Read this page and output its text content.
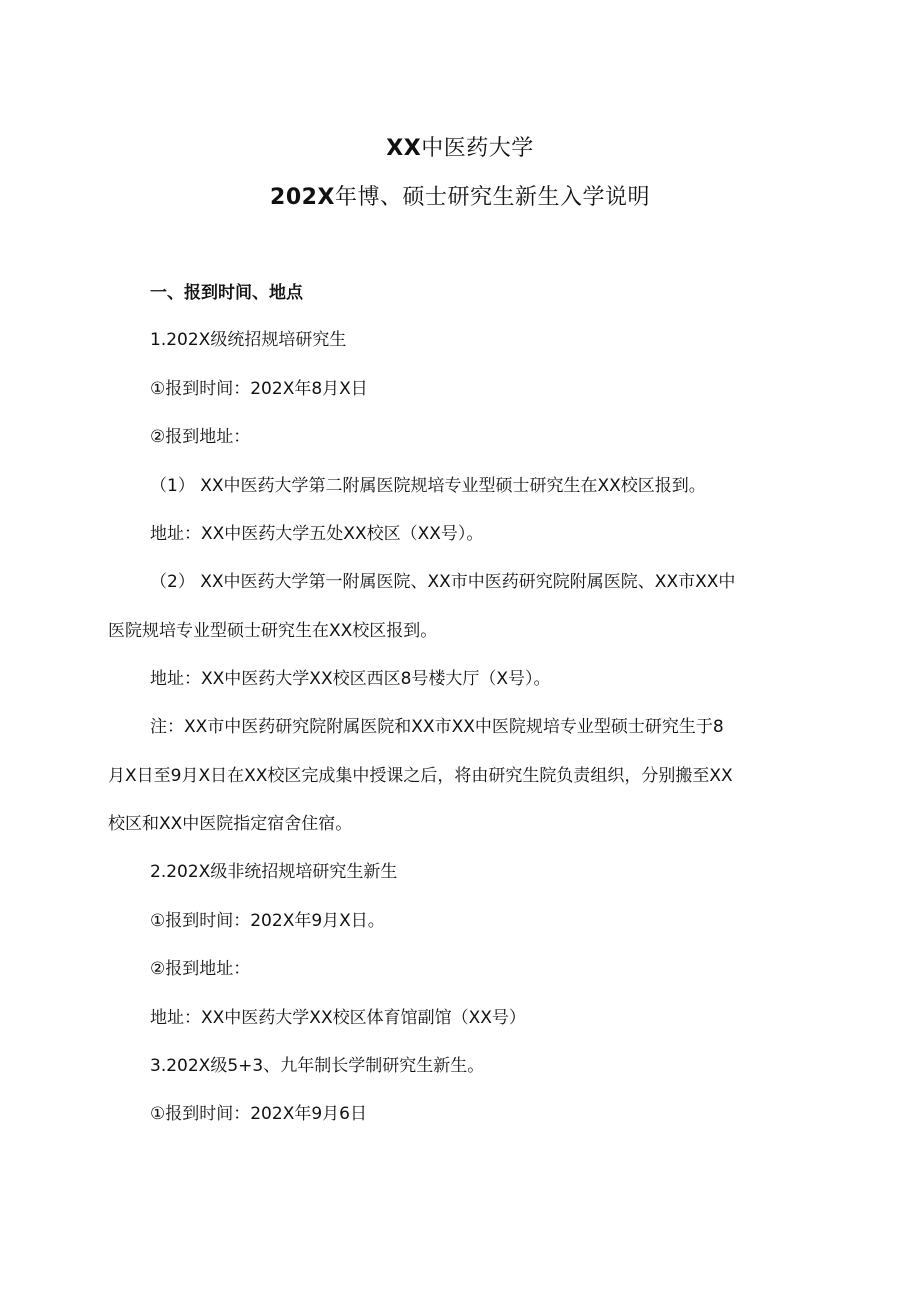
XX中医药大学
202X年博、硕士研究生新生入学说明
一、报到时间、地点
1.202X级统招规培研究生
①报到时间：202X年8月X日
②报到地址：
（1） XX中医药大学第二附属医院规培专业型硕士研究生在XX校区报到。
地址：XX中医药大学五处XX校区（XX号）。
（2） XX中医药大学第一附属医院、XX市中医药研究院附属医院、XX市XX中
医院规培专业型硕士研究生在XX校区报到。
地址：XX中医药大学XX校区西区8号楼大厅（X号）。
注：XX市中医药研究院附属医院和XX市XX中医院规培专业型硕士研究生于8
月X日至9月X日在XX校区完成集中授课之后，将由研究生院负责组织，分别搬至XX
校区和XX中医院指定宿舍住宿。
2.202X级非统招规培研究生新生
①报到时间：202X年9月X日。
②报到地址：
地址：XX中医药大学XX校区体育馆副馆（XX号）
3.202X级5+3、九年制长学制研究生新生。
①报到时间：202X年9月6日
